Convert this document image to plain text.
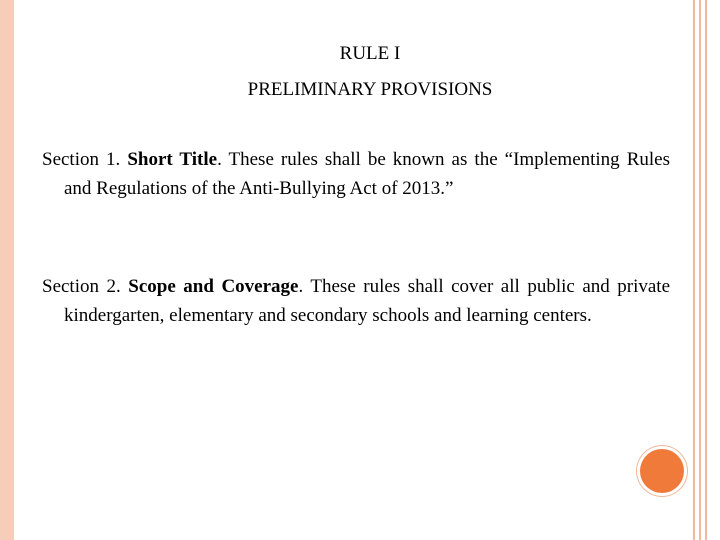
RULE I
PRELIMINARY PROVISIONS
Section 1. Short Title. These rules shall be known as the “Implementing Rules and Regulations of the Anti-Bullying Act of 2013.”
Section 2. Scope and Coverage. These rules shall cover all public and private kindergarten, elementary and secondary schools and learning centers.
